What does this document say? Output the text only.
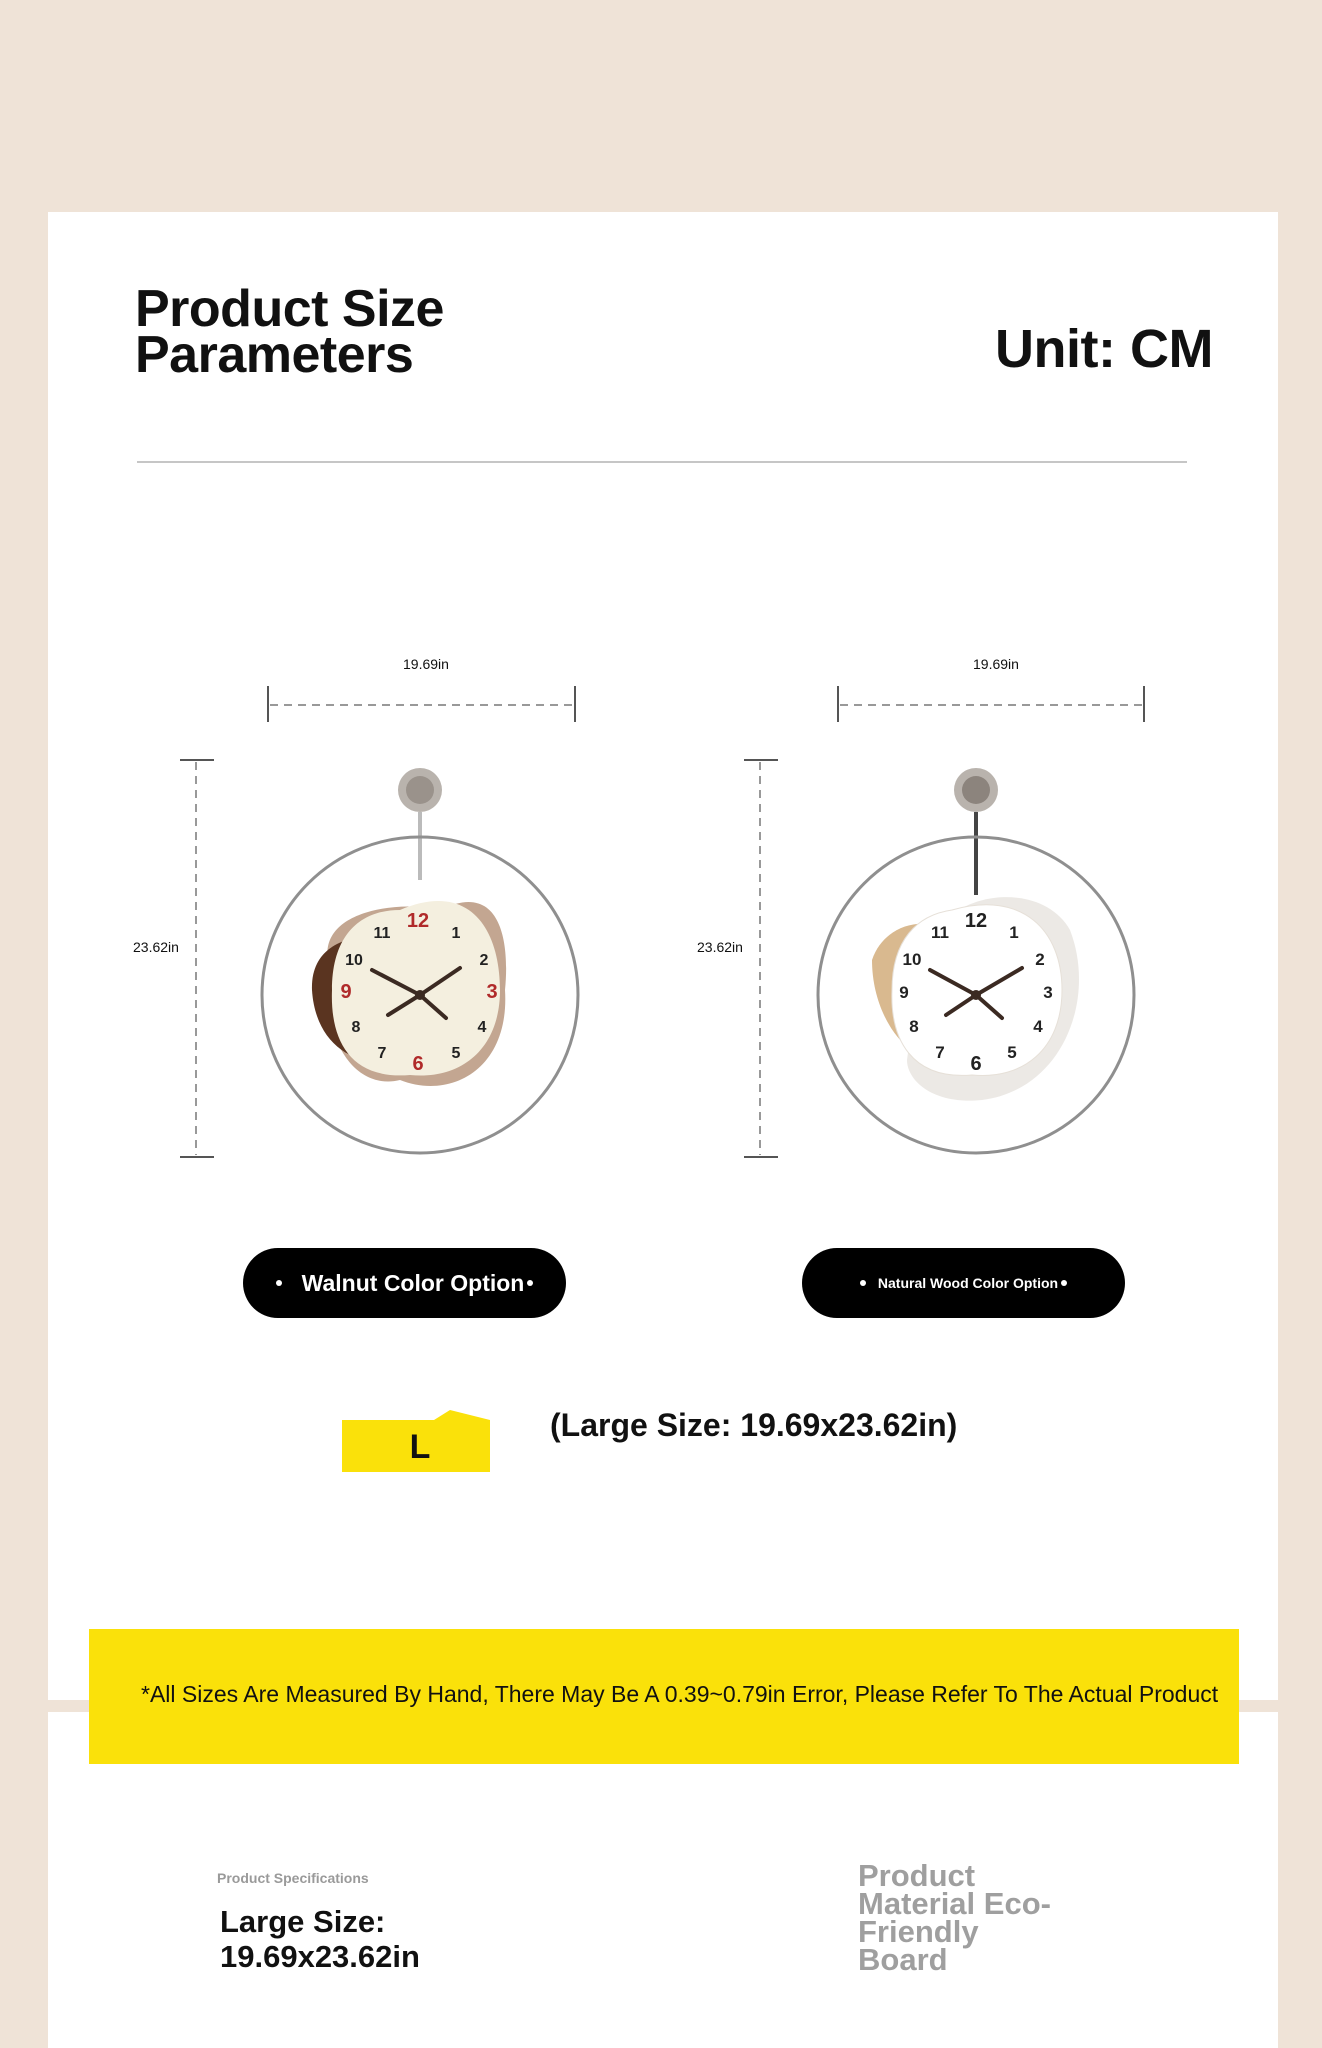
Product Size Parameters	Unit: CM
19.69in	19.69in
23.62in	23.62in
12
1
2
3
4
5
6
7
8
9
10
11
12
1
2
3
4
5
6
7
8
9
10
11
Walnut Color Option	Natural Wood Color Option
L
(Large Size: 19.69x23.62in)
*All Sizes Are Measured By Hand, There May Be A 0.39~0.79in Error, Please Refer To The Actual Product
Product Specifications
Large Size: 19.69x23.62in
Product Material Eco-Friendly Board
